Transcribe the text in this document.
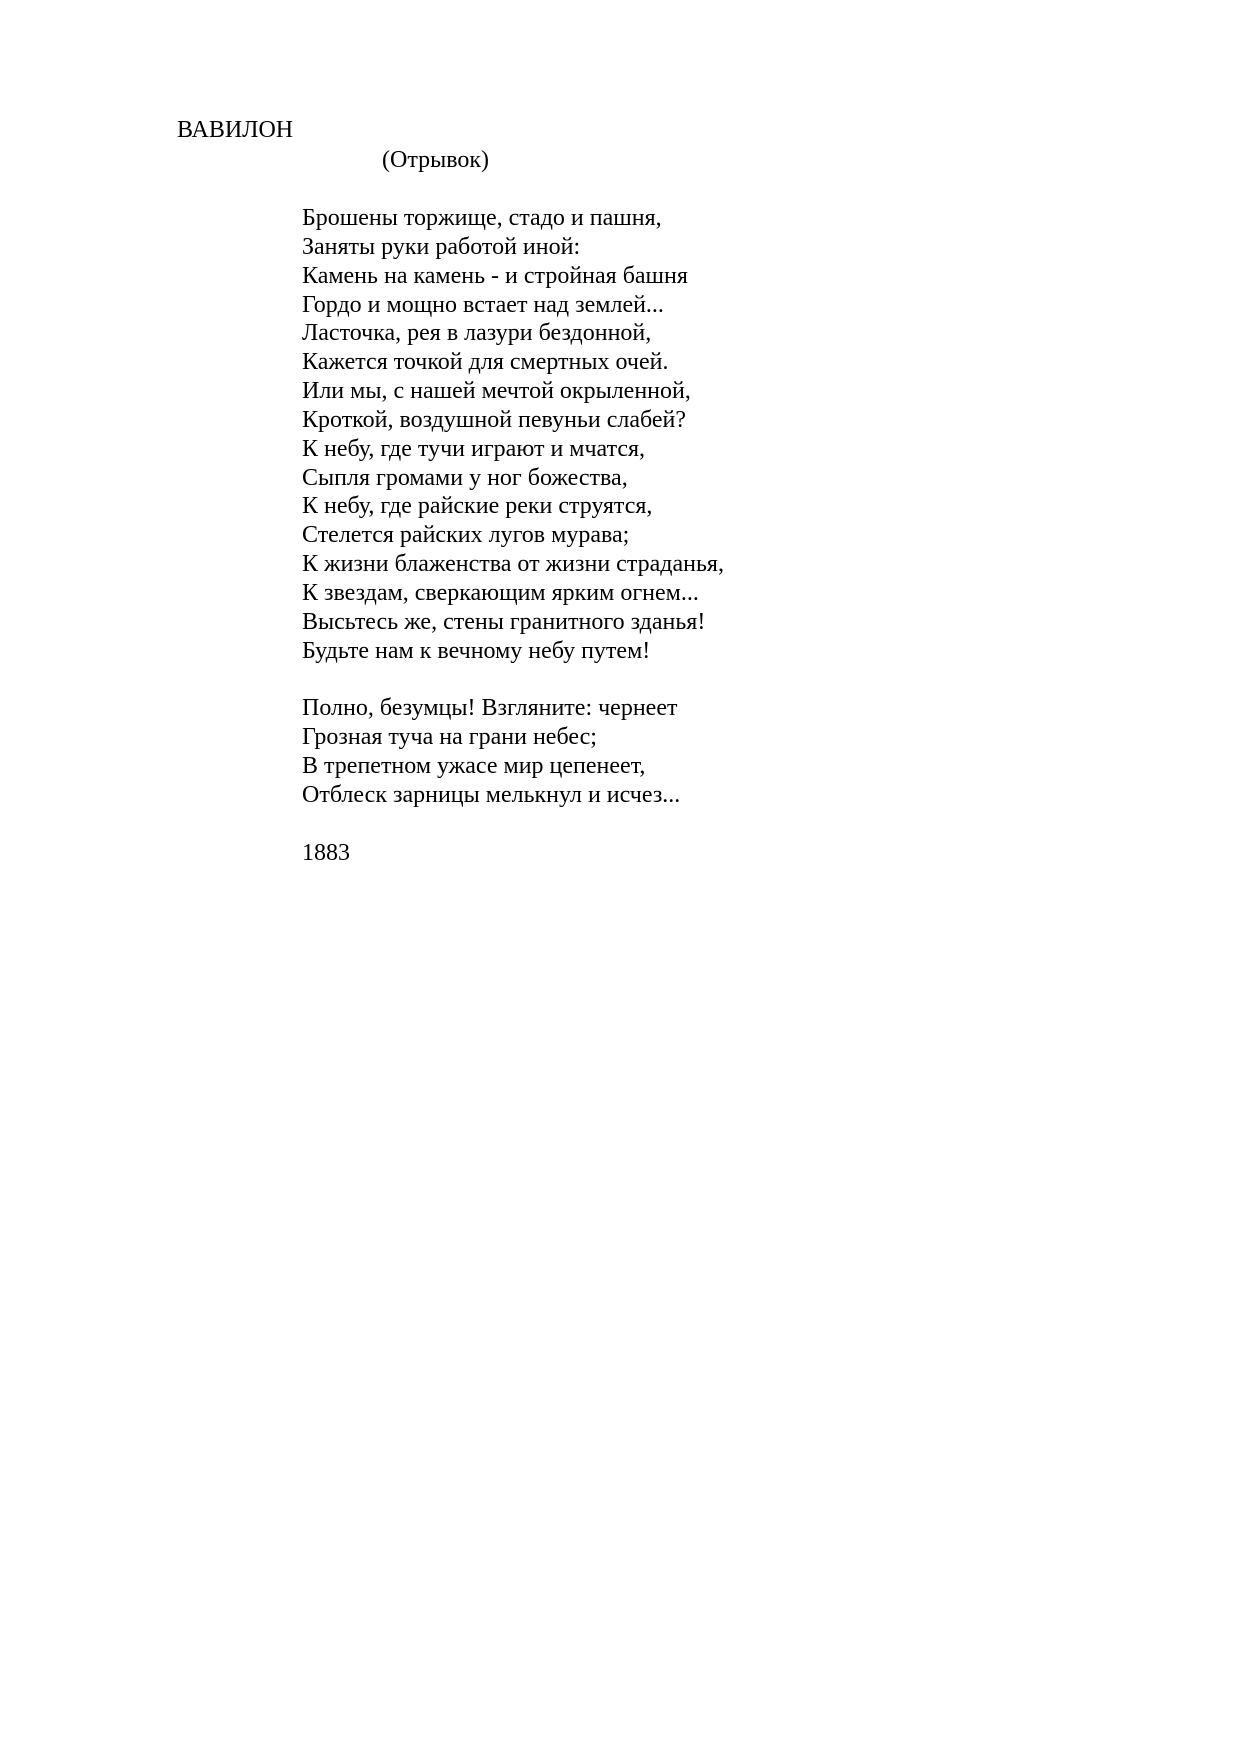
ВАВИЛОН
(Отрывок)
Брошены торжище, стадо и пашня,
Заняты руки работой иной:
Камень на камень - и стройная башня
Гордо и мощно встает над землей...
Ласточка, рея в лазури бездонной,
Кажется точкой для смертных очей.
Или мы, с нашей мечтой окрыленной,
Кроткой, воздушной певуньи слабей?
К небу, где тучи играют и мчатся,
Сыпля громами у ног божества,
К небу, где райские реки струятся,
Стелется райских лугов мурава;
К жизни блаженства от жизни страданья,
К звездам, сверкающим ярким огнем...
Высьтесь же, стены гранитного зданья!
Будьте нам к вечному небу путем!
Полно, безумцы! Взгляните: чернеет
Грозная туча на грани небес;
В трепетном ужасе мир цепенеет,
Отблеск зарницы мелькнул и исчез...
1883
